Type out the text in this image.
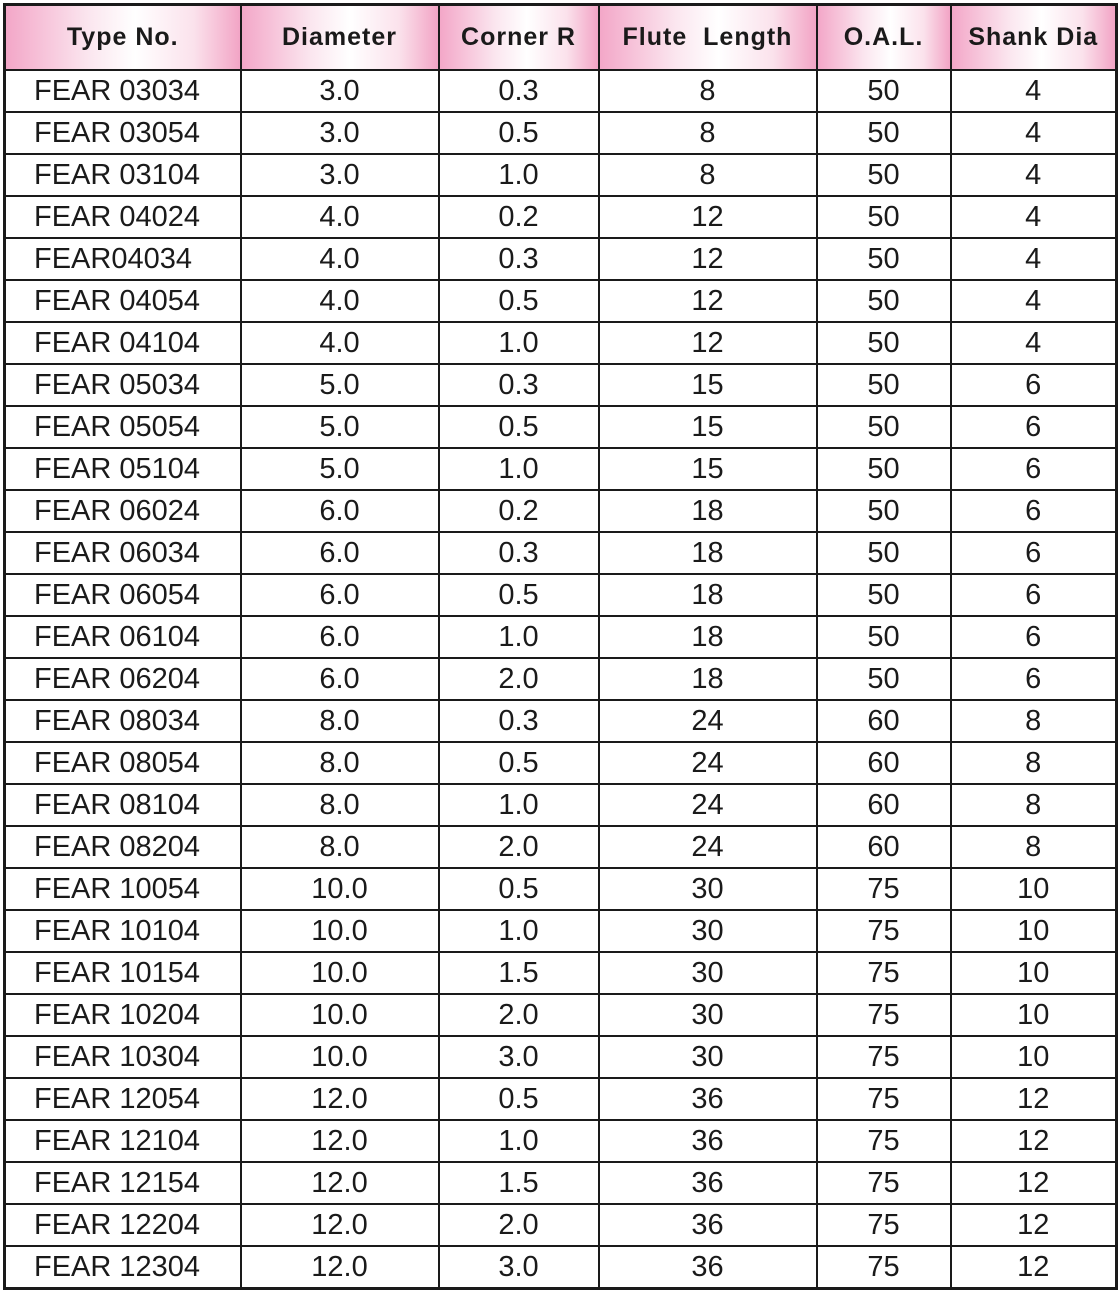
Type No.	Diameter	Corner R	Flute  Length	O.A.L.	Shank Dia
FEAR 03034	3.0	0.3	8	50	4
FEAR 03054	3.0	0.5	8	50	4
FEAR 03104	3.0	1.0	8	50	4
FEAR 04024	4.0	0.2	12	50	4
FEAR04034	4.0	0.3	12	50	4
FEAR 04054	4.0	0.5	12	50	4
FEAR 04104	4.0	1.0	12	50	4
FEAR 05034	5.0	0.3	15	50	6
FEAR 05054	5.0	0.5	15	50	6
FEAR 05104	5.0	1.0	15	50	6
FEAR 06024	6.0	0.2	18	50	6
FEAR 06034	6.0	0.3	18	50	6
FEAR 06054	6.0	0.5	18	50	6
FEAR 06104	6.0	1.0	18	50	6
FEAR 06204	6.0	2.0	18	50	6
FEAR 08034	8.0	0.3	24	60	8
FEAR 08054	8.0	0.5	24	60	8
FEAR 08104	8.0	1.0	24	60	8
FEAR 08204	8.0	2.0	24	60	8
FEAR 10054	10.0	0.5	30	75	10
FEAR 10104	10.0	1.0	30	75	10
FEAR 10154	10.0	1.5	30	75	10
FEAR 10204	10.0	2.0	30	75	10
FEAR 10304	10.0	3.0	30	75	10
FEAR 12054	12.0	0.5	36	75	12
FEAR 12104	12.0	1.0	36	75	12
FEAR 12154	12.0	1.5	36	75	12
FEAR 12204	12.0	2.0	36	75	12
FEAR 12304	12.0	3.0	36	75	12
